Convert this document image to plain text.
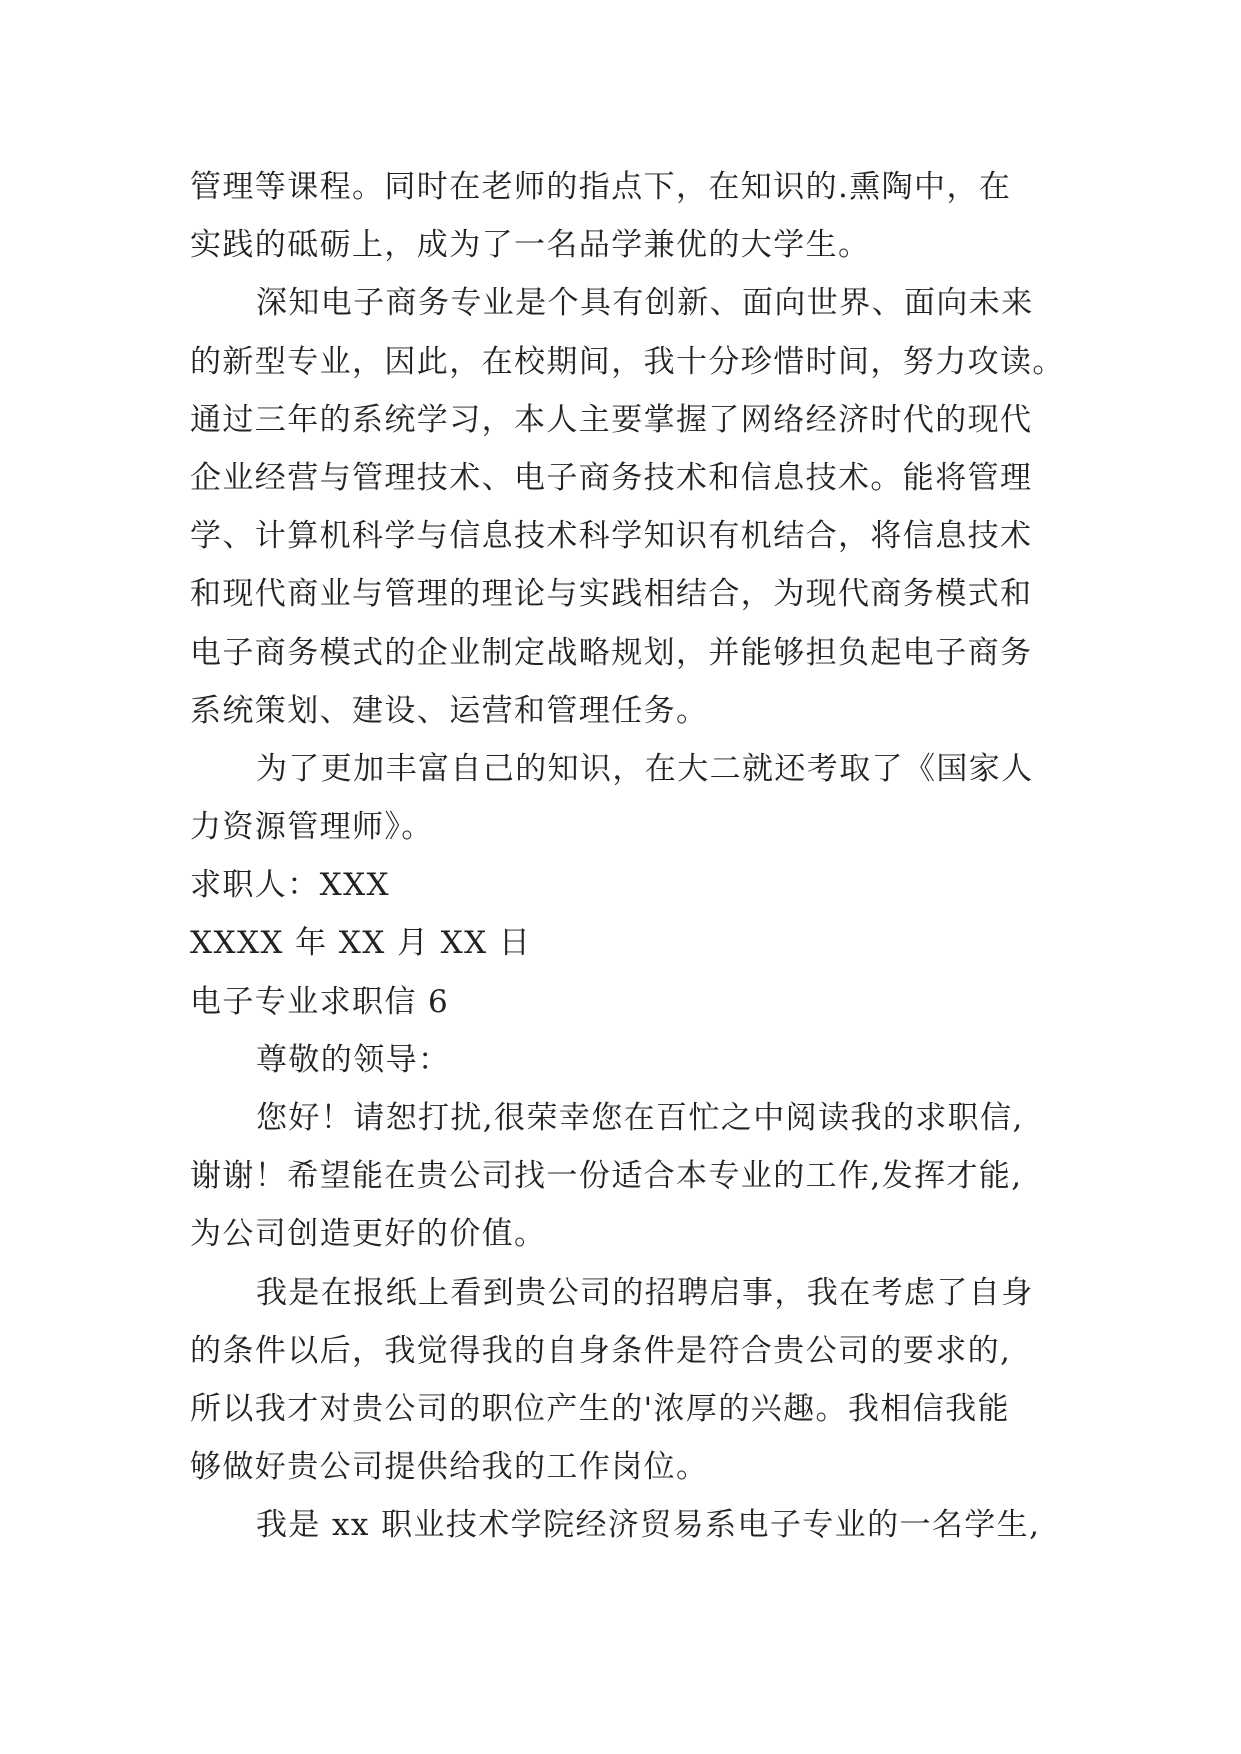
管理等课程。同时在老师的指点下，在知识的.熏陶中，在
实践的砥砺上，成为了一名品学兼优的大学生。
深知电子商务专业是个具有创新、面向世界、面向未来
的新型专业，因此，在校期间，我十分珍惜时间，努力攻读。
通过三年的系统学习，本人主要掌握了网络经济时代的现代
企业经营与管理技术、电子商务技术和信息技术。能将管理
学、计算机科学与信息技术科学知识有机结合，将信息技术
和现代商业与管理的理论与实践相结合，为现代商务模式和
电子商务模式的企业制定战略规划，并能够担负起电子商务
系统策划、建设、运营和管理任务。
为了更加丰富自己的知识，在大二就还考取了《国家人
力资源管理师》。
求职人：XXX
XXXX 年 XX 月 XX 日
电子专业求职信 6
尊敬的领导：
您好！请恕打扰,很荣幸您在百忙之中阅读我的求职信,
谢谢！希望能在贵公司找一份适合本专业的工作,发挥才能,
为公司创造更好的价值。
我是在报纸上看到贵公司的招聘启事，我在考虑了自身
的条件以后，我觉得我的自身条件是符合贵公司的要求的,
所以我才对贵公司的职位产生的'浓厚的兴趣。我相信我能
够做好贵公司提供给我的工作岗位。
我是 xx 职业技术学院经济贸易系电子专业的一名学生,
